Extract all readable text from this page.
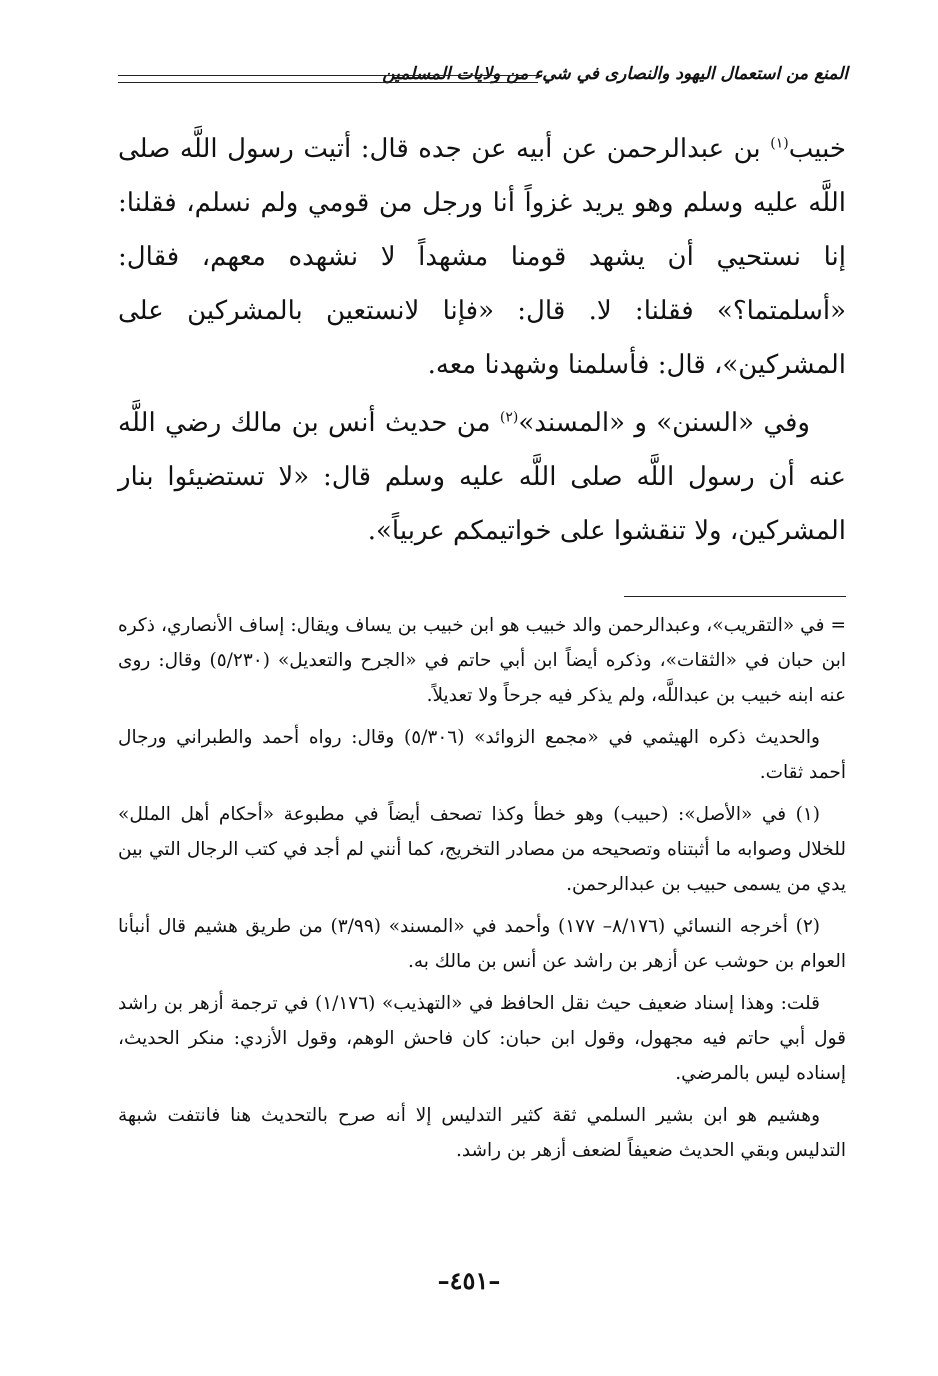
المنع من استعمال اليهود والنصارى في شيء من ولايات المسلمين

خبيب$^{(١)}$ بن عبدالرحمن عن أبيه عن جده قال: أتيت رسول اللَّه صلى اللَّه عليه وسلم وهو يريد غزواً أنا ورجل من قومي ولم نسلم، فقلنا: إنا نستحيي أن يشهد قومنا مشهداً لا نشهده معهم، فقال: «أسلمتما؟» فقلنا: لا. قال: «فإنا لانستعين بالمشركين على المشركين»، قال: فأسلمنا وشهدنا معه.

وفي «السنن» و «المسند»$^{(٢)}$ من حديث أنس بن مالك رضي اللَّه عنه أن رسول اللَّه صلى اللَّه عليه وسلم قال: «لا تستضيئوا بنار المشركين، ولا تنقشوا على خواتيمكم عربياً».

= في «التقريب»، وعبدالرحمن والد خبيب هو ابن خبيب بن يساف ويقال: إساف الأنصاري، ذكره ابن حبان في «الثقات»، وذكره أيضاً ابن أبي حاتم في «الجرح والتعديل» (٥/٢٣٠) وقال: روى عنه ابنه خبيب بن عبداللَّه، ولم يذكر فيه جرحاً ولا تعديلاً.

والحديث ذكره الهيثمي في «مجمع الزوائد» (٥/٣٠٦) وقال: رواه أحمد والطبراني ورجال أحمد ثقات.

(١) في «الأصل»: (حبيب) وهو خطأ وكذا تصحف أيضاً في مطبوعة «أحكام أهل الملل» للخلال وصوابه ما أثبتناه وتصحيحه من مصادر التخريج، كما أنني لم أجد في كتب الرجال التي بين يدي من يسمى حبيب بن عبدالرحمن.

(٢) أخرجه النسائي (٨/١٧٦– ١٧٧) وأحمد في «المسند» (٣/٩٩) من طريق هشيم قال أنبأنا العوام بن حوشب عن أزهر بن راشد عن أنس بن مالك به.

قلت: وهذا إسناد ضعيف حيث نقل الحافظ في «التهذيب» (١/١٧٦) في ترجمة أزهر بن راشد قول أبي حاتم فيه مجهول، وقول ابن حبان: كان فاحش الوهم، وقول الأزدي: منكر الحديث، إسناده ليس بالمرضي.

وهشيم هو ابن بشير السلمي ثقة كثير التدليس إلا أنه صرح بالتحديث هنا فانتفت شبهة التدليس وبقي الحديث ضعيفاً لضعف أزهر بن راشد.

–٤٥١–
